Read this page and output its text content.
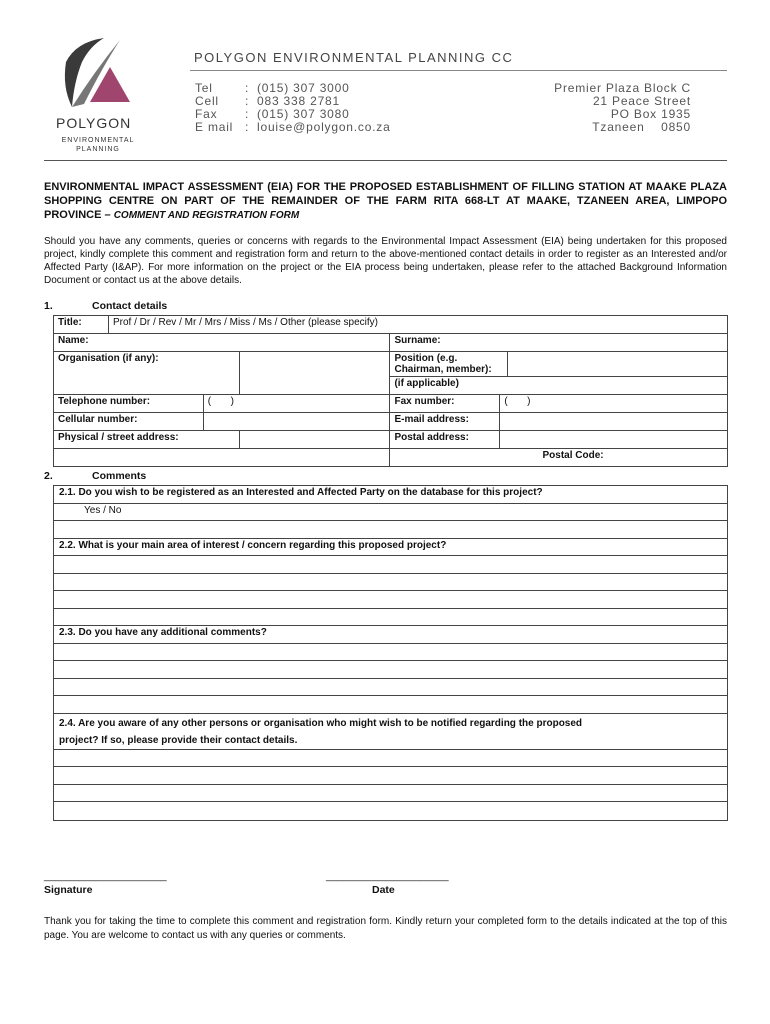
POLYGON
ENVIRONMENTAL
PLANNING
POLYGON ENVIRONMENTAL PLANNING CC
Tel	: (015) 307 3000
Cell	: 083 338 2781
Fax	: (015) 307 3080
E mail : louise@polygon.co.za
Premier Plaza Block C
21 Peace Street
PO Box 1935
Tzaneen    0850
ENVIRONMENTAL IMPACT ASSESSMENT (EIA) FOR THE PROPOSED ESTABLISHMENT OF FILLING STATION AT MAAKE PLAZA SHOPPING CENTRE ON PART OF THE REMAINDER OF THE FARM RITA 668-LT AT MAAKE, TZANEEN AREA, LIMPOPO PROVINCE – COMMENT AND REGISTRATION FORM
Should you have any comments, queries or concerns with regards to the Environmental Impact Assessment (EIA) being undertaken for this proposed project, kindly complete this comment and registration form and return to the above-mentioned contact details in order to register as an Interested and/or Affected Party (I&AP). For more information on the project or the EIA process being undertaken, please refer to the attached Background Information Document or contact us at the above details.
1.	Contact details
Title:	Prof / Dr / Rev / Mr / Mrs / Miss / Ms / Other (please specify)						
Name:				Surname:			
Organisation (if any):				Position (e.g. Chairman, member):			
				(if applicable)			
Telephone number:		(       )		Fax number:	(       )		
Cellular number:				E-mail address:			
Physical / street address:				Postal address:			
				Postal Code:			
2.	Comments
2.1. Do you wish to be registered as an Interested and Affected Party on the database for this project?
Yes / No
2.2. What is your main area of interest / concern regarding this proposed project?
2.3. Do you have any additional comments?
2.4. Are you aware of any other persons or organisation who might wish to be notified regarding the proposed
project? If so, please provide their contact details.
_____________________
Signature
_____________________
Date
Thank you for taking the time to complete this comment and registration form. Kindly return your completed form to the details indicated at the top of this page. You are welcome to contact us with any queries or comments.
